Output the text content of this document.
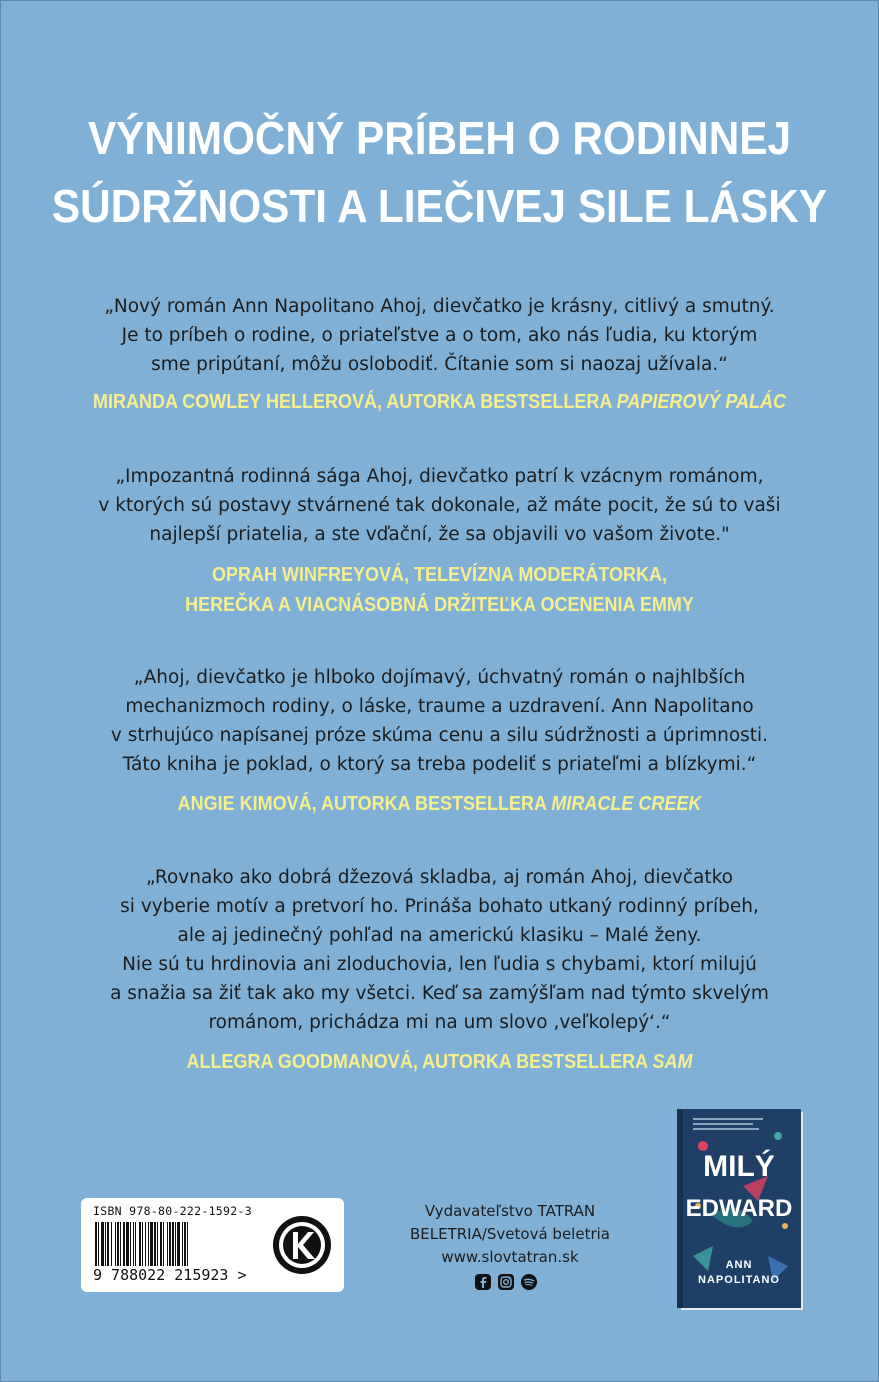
VÝNIMOČNÝ PRÍBEH O RODINNEJ
SÚDRŽNOSTI A LIEČIVEJ SILE LÁSKY
„Nový román Ann Napolitano Ahoj, dievčatko je krásny, citlivý a smutný.
Je to príbeh o rodine, o priateľstve a o tom, ako nás ľudia, ku ktorým
sme pripútaní, môžu oslobodiť. Čítanie som si naozaj užívala.“
MIRANDA COWLEY HELLEROVÁ, AUTORKA BESTSELLERA PAPIEROVÝ PALÁC
„Impozantná rodinná sága Ahoj, dievčatko patrí k vzácnym románom,
v ktorých sú postavy stvárnené tak dokonale, až máte pocit, že sú to vaši
najlepší priatelia, a ste vďační, že sa objavili vo vašom živote."
OPRAH WINFREYOVÁ, TELEVÍZNA MODERÁTORKA,
HEREČKA A VIACNÁSOBNÁ DRŽITEĽKA OCENENIA EMMY
„Ahoj, dievčatko je hlboko dojímavý, úchvatný román o najhlbších
mechanizmoch rodiny, o láske, traume a uzdravení. Ann Napolitano
v strhujúco napísanej próze skúma cenu a silu súdržnosti a úprimnosti.
Táto kniha je poklad, o ktorý sa treba podeliť s priateľmi a blízkymi.“
ANGIE KIMOVÁ, AUTORKA BESTSELLERA MIRACLE CREEK
„Rovnako ako dobrá džezová skladba, aj román Ahoj, dievčatko
si vyberie motív a pretvorí ho. Prináša bohato utkaný rodinný príbeh,
ale aj jedinečný pohľad na americkú klasiku – Malé ženy.
Nie sú tu hrdinovia ani zloduchovia, len ľudia s chybami, ktorí milujú
a snažia sa žiť tak ako my všetci. Keď sa zamýšľam nad týmto skvelým
románom, prichádza mi na um slovo ‚veľkolepý‘.“
ALLEGRA GOODMANOVÁ, AUTORKA BESTSELLERA SAM
ISBN 978-80-222-1592-3
9 788022 215923 >
Vydavateľstvo TATRAN
BELETRIA/Svetová beletria
www.slovtatran.sk
MILÝ
EDWARD
ANN
NAPOLITANO
